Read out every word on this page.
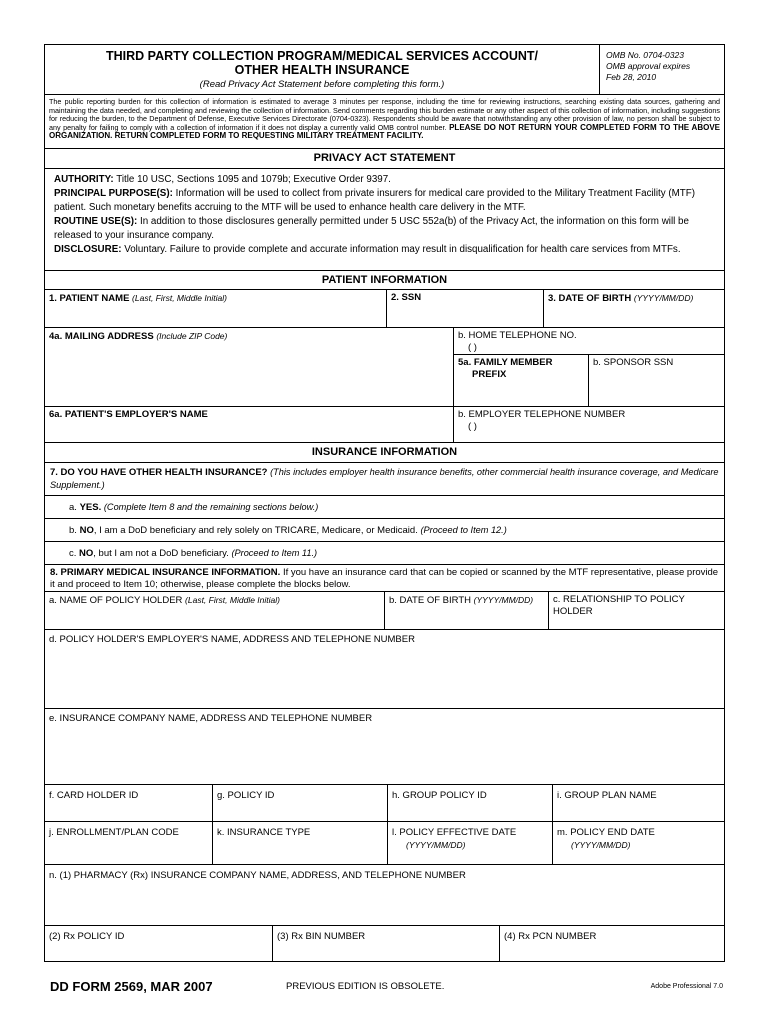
THIRD PARTY COLLECTION PROGRAM/MEDICAL SERVICES ACCOUNT/
OTHER HEALTH INSURANCE
(Read Privacy Act Statement before completing this form.)
OMB No. 0704-0323
OMB approval expires
Feb 28, 2010
The public reporting burden for this collection of information is estimated to average 3 minutes per response, including the time for reviewing instructions, searching existing data sources, gathering and maintaining the data needed, and completing and reviewing the collection of information. Send comments regarding this burden estimate or any other aspect of this collection of information, including suggestions for reducing the burden, to the Department of Defense, Executive Services Directorate (0704-0323). Respondents should be aware that notwithstanding any other provision of law, no person shall be subject to any penalty for failing to comply with a collection of information if it does not display a currently valid OMB control number. PLEASE DO NOT RETURN YOUR COMPLETED FORM TO THE ABOVE ORGANIZATION. RETURN COMPLETED FORM TO REQUESTING MILITARY TREATMENT FACILITY.
PRIVACY ACT STATEMENT
AUTHORITY: Title 10 USC, Sections 1095 and 1079b; Executive Order 9397.
PRINCIPAL PURPOSE(S): Information will be used to collect from private insurers for medical care provided to the Military Treatment Facility (MTF) patient. Such monetary benefits accruing to the MTF will be used to enhance health care delivery in the MTF.
ROUTINE USE(S): In addition to those disclosures generally permitted under 5 USC 552a(b) of the Privacy Act, the information on this form will be released to your insurance company.
DISCLOSURE: Voluntary. Failure to provide complete and accurate information may result in disqualification for health care services from MTFs.
PATIENT INFORMATION
1. PATIENT NAME (Last, First, Middle Initial)	2. SSN	3. DATE OF BIRTH (YYYY/MM/DD)
4a. MAILING ADDRESS (Include ZIP Code)	b. HOME TELEPHONE NO.
( )
5a. FAMILY MEMBER
PREFIX
b. SPONSOR SSN
6a. PATIENT'S EMPLOYER'S NAME	b. EMPLOYER TELEPHONE NUMBER
( )
INSURANCE INFORMATION
7. DO YOU HAVE OTHER HEALTH INSURANCE? (This includes employer health insurance benefits, other commercial health insurance coverage, and Medicare Supplement.)
a. YES. (Complete Item 8 and the remaining sections below.)
b. NO, I am a DoD beneficiary and rely solely on TRICARE, Medicare, or Medicaid. (Proceed to Item 12.)
c. NO, but I am not a DoD beneficiary. (Proceed to Item 11.)
8. PRIMARY MEDICAL INSURANCE INFORMATION. If you have an insurance card that can be copied or scanned by the MTF representative, please provide it and proceed to Item 10; otherwise, please complete the blocks below.
a. NAME OF POLICY HOLDER (Last, First, Middle Initial)	b. DATE OF BIRTH (YYYY/MM/DD)	c. RELATIONSHIP TO POLICY HOLDER
d. POLICY HOLDER'S EMPLOYER'S NAME, ADDRESS AND TELEPHONE NUMBER
e. INSURANCE COMPANY NAME, ADDRESS AND TELEPHONE NUMBER
f. CARD HOLDER ID	g. POLICY ID	h. GROUP POLICY ID	i. GROUP PLAN NAME
j. ENROLLMENT/PLAN CODE	k. INSURANCE TYPE	l. POLICY EFFECTIVE DATE
(YYYY/MM/DD)
m. POLICY END DATE
(YYYY/MM/DD)
n. (1) PHARMACY (Rx) INSURANCE COMPANY NAME, ADDRESS, AND TELEPHONE NUMBER
(2) Rx POLICY ID	(3) Rx BIN NUMBER	(4) Rx PCN NUMBER
DD FORM 2569, MAR 2007	PREVIOUS EDITION IS OBSOLETE.	Adobe Professional 7.0
